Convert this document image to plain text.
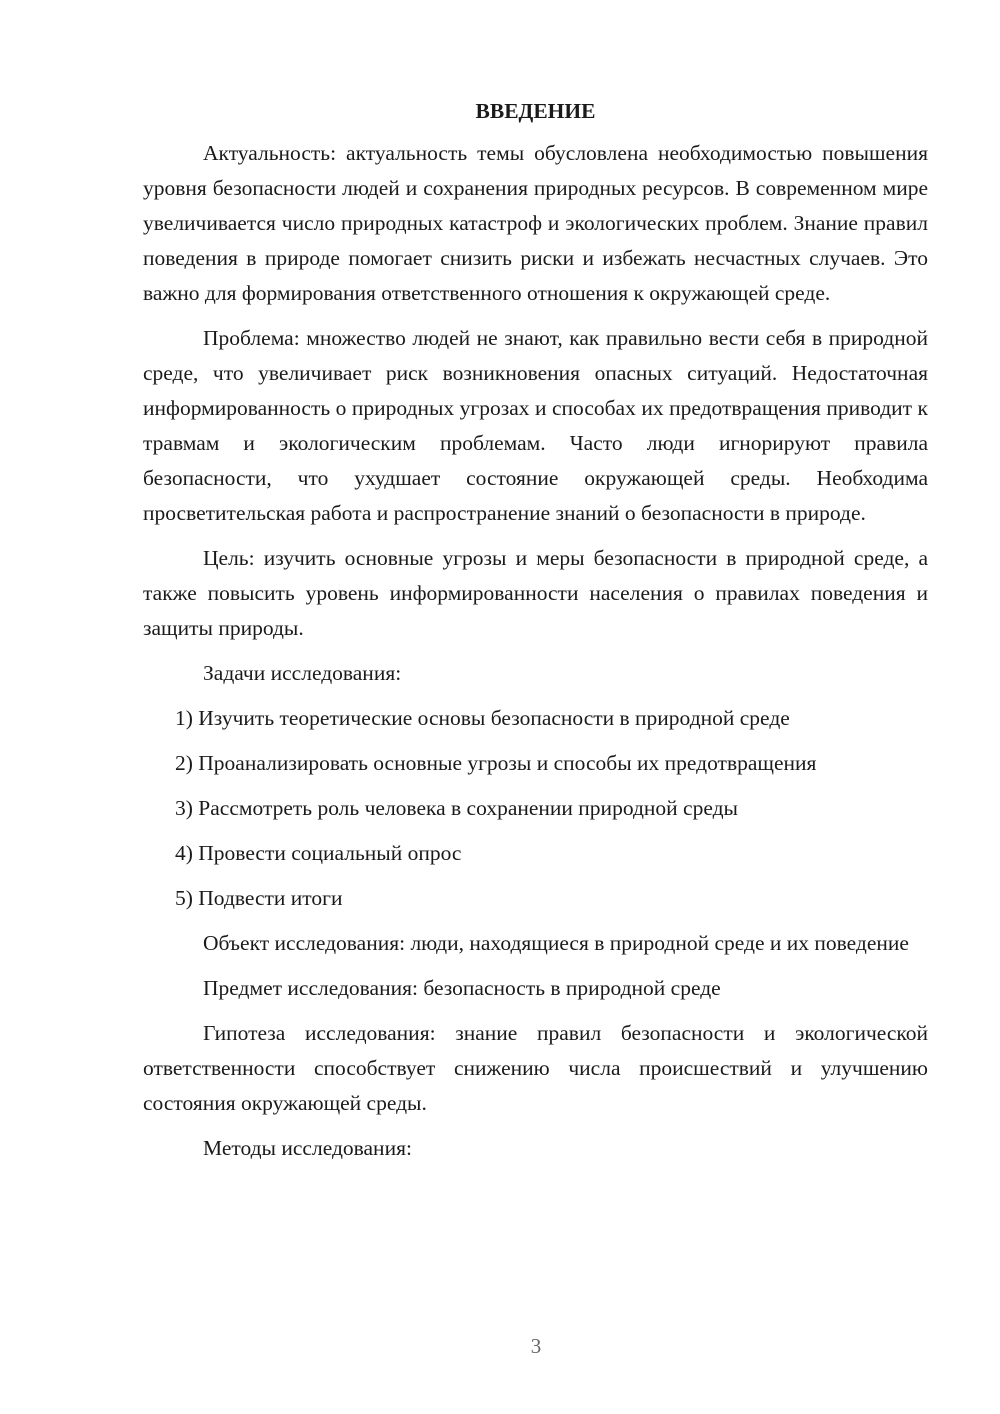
ВВЕДЕНИЕ

Актуальность: актуальность темы обусловлена необходимостью повышения уровня безопасности людей и сохранения природных ресурсов. В современном мире увеличивается число природных катастроф и экологических проблем. Знание правил поведения в природе помогает снизить риски и избежать несчастных случаев. Это важно для формирования ответственного отношения к окружающей среде.

Проблема: множество людей не знают, как правильно вести себя в природной среде, что увеличивает риск возникновения опасных ситуаций. Недостаточная информированность о природных угрозах и способах их предотвращения приводит к травмам и экологическим проблемам. Часто люди игнорируют правила безопасности, что ухудшает состояние окружающей среды. Необходима просветительская работа и распространение знаний о безопасности в природе.

Цель: изучить основные угрозы и меры безопасности в природной среде, а также повысить уровень информированности населения о правилах поведения и защиты природы.

Задачи исследования:

1) Изучить теоретические основы безопасности в природной среде
2) Проанализировать основные угрозы и способы их предотвращения
3) Рассмотреть роль человека в сохранении природной среды
4) Провести социальный опрос
5) Подвести итоги

Объект исследования: люди, находящиеся в природной среде и их поведение

Предмет исследования: безопасность в природной среде

Гипотеза исследования: знание правил безопасности и экологической ответственности способствует снижению числа происшествий и улучшению состояния окружающей среды.

Методы исследования:

3
